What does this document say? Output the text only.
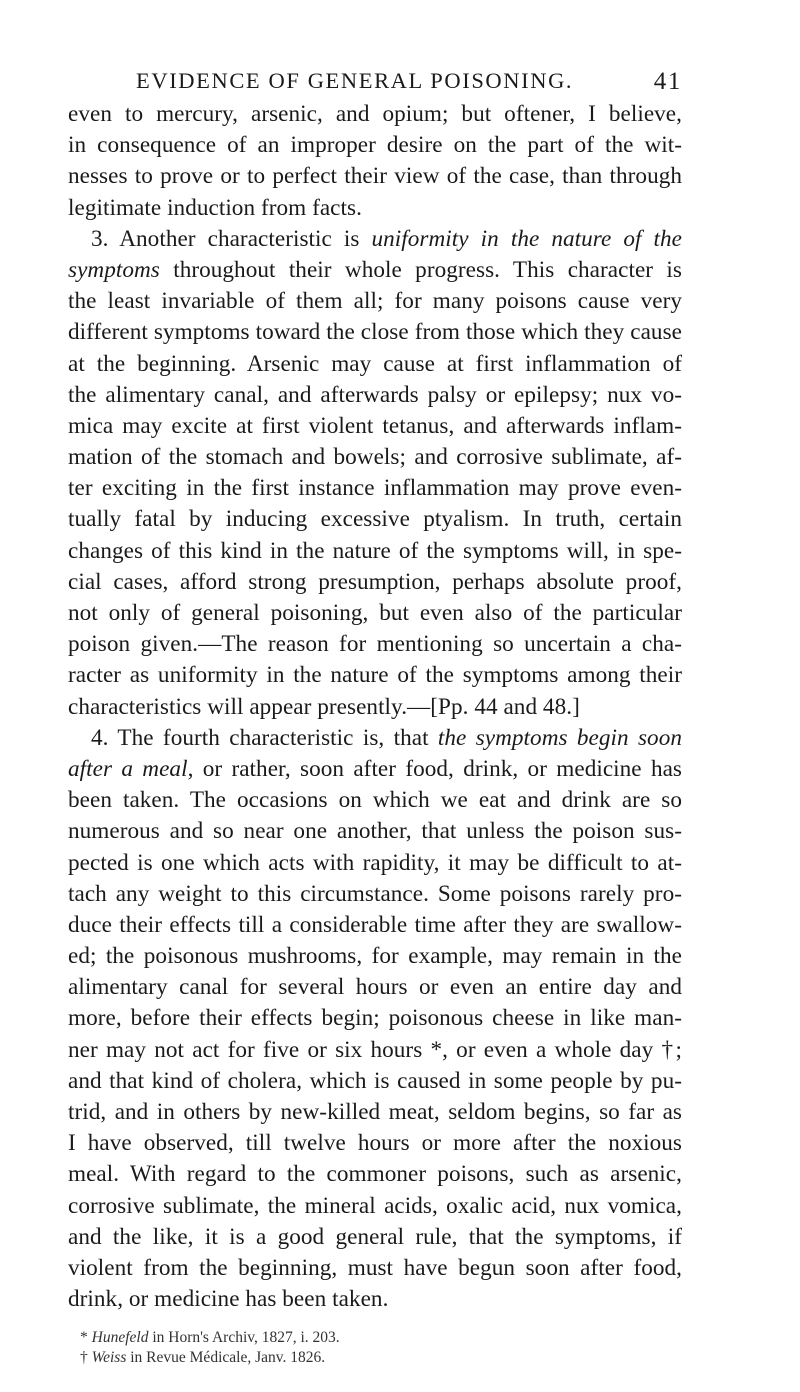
EVIDENCE OF GENERAL POISONING.	41
even to mercury, arsenic, and opium; but oftener, I believe,
in consequence of an improper desire on the part of the wit-
nesses to prove or to perfect their view of the case, than through
legitimate induction from facts.
3. Another characteristic is uniformity in the nature of the
symptoms throughout their whole progress. This character is
the least invariable of them all; for many poisons cause very
different symptoms toward the close from those which they cause
at the beginning. Arsenic may cause at first inflammation of
the alimentary canal, and afterwards palsy or epilepsy; nux vo-
mica may excite at first violent tetanus, and afterwards inflam-
mation of the stomach and bowels; and corrosive sublimate, af-
ter exciting in the first instance inflammation may prove even-
tually fatal by inducing excessive ptyalism. In truth, certain
changes of this kind in the nature of the symptoms will, in spe-
cial cases, afford strong presumption, perhaps absolute proof,
not only of general poisoning, but even also of the particular
poison given.—The reason for mentioning so uncertain a cha-
racter as uniformity in the nature of the symptoms among their
characteristics will appear presently.—[Pp. 44 and 48.]
4. The fourth characteristic is, that the symptoms begin soon
after a meal, or rather, soon after food, drink, or medicine has
been taken. The occasions on which we eat and drink are so
numerous and so near one another, that unless the poison sus-
pected is one which acts with rapidity, it may be difficult to at-
tach any weight to this circumstance. Some poisons rarely pro-
duce their effects till a considerable time after they are swallow-
ed; the poisonous mushrooms, for example, may remain in the
alimentary canal for several hours or even an entire day and
more, before their effects begin; poisonous cheese in like man-
ner may not act for five or six hours *, or even a whole day †;
and that kind of cholera, which is caused in some people by pu-
trid, and in others by new-killed meat, seldom begins, so far as
I have observed, till twelve hours or more after the noxious
meal. With regard to the commoner poisons, such as arsenic,
corrosive sublimate, the mineral acids, oxalic acid, nux vomica,
and the like, it is a good general rule, that the symptoms, if
violent from the beginning, must have begun soon after food,
drink, or medicine has been taken.
* Hunefeld in Horn's Archiv, 1827, i. 203.
† Weiss in Revue Médicale, Janv. 1826.
